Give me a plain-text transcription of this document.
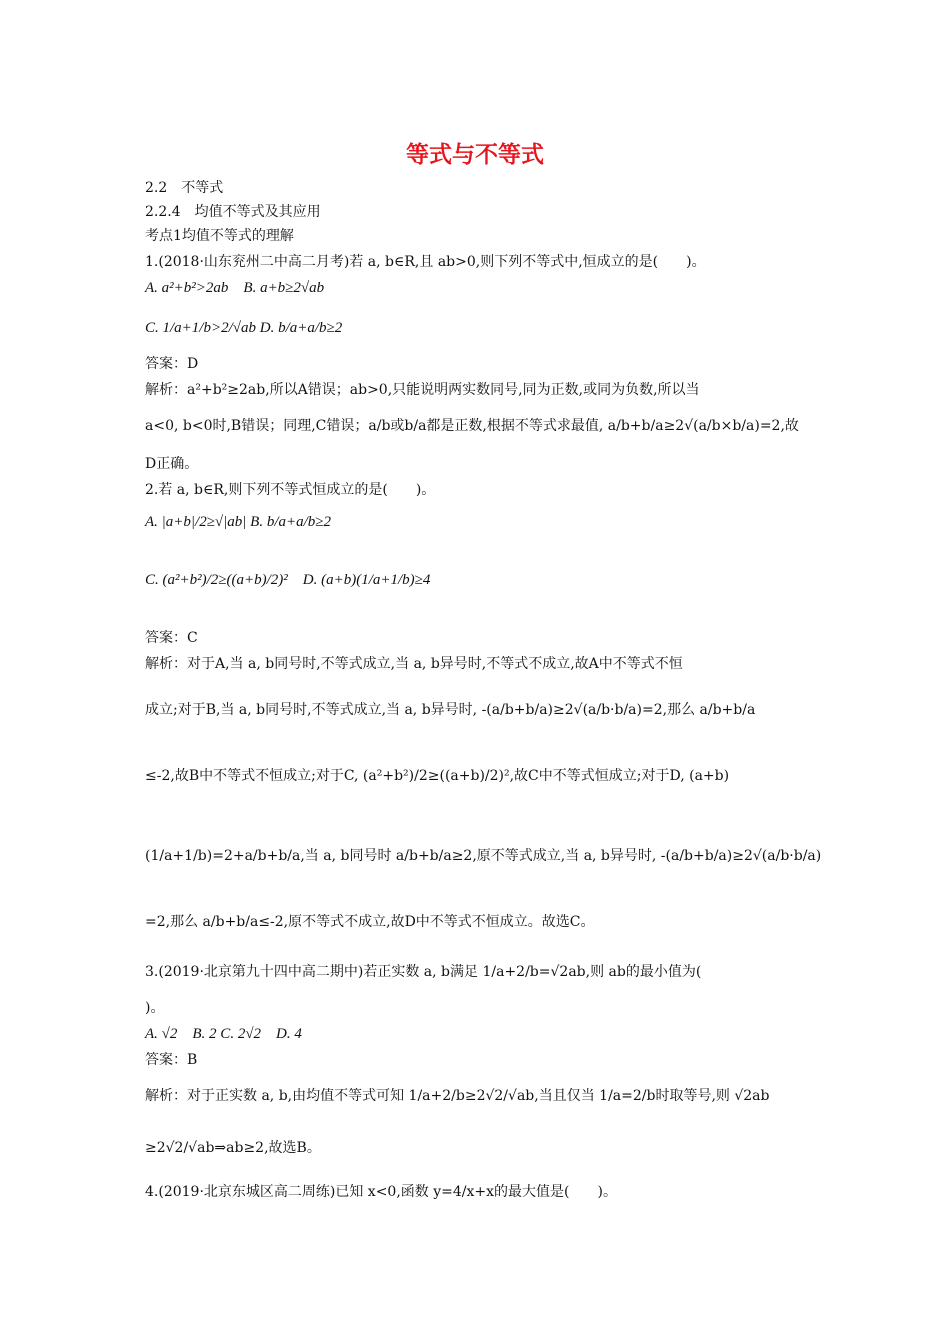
等式与不等式
2.2　不等式
2.2.4　均值不等式及其应用
考点1均值不等式的理解
1.(2018·山东兖州二中高二月考)若 a, b∈R,且 ab>0,则下列不等式中,恒成立的是(　　)。
A. a²+b²>2ab　B. a+b≥2√ab
C. 1/a+1/b>2/√ab D. b/a+a/b≥2
答案：D
解析：a²+b²≥2ab,所以A错误；ab>0,只能说明两实数同号,同为正数,或同为负数,所以当
a<0, b<0时,B错误；同理,C错误；a/b或b/a都是正数,根据不等式求最值, a/b+b/a≥2√(a/b×b/a)=2,故
D正确。
2.若 a, b∈R,则下列不等式恒成立的是(　　)。
A. |a+b|/2≥√|ab| B. b/a+a/b≥2
C. (a²+b²)/2≥((a+b)/2)²　D. (a+b)(1/a+1/b)≥4
答案：C
解析：对于A,当 a, b同号时,不等式成立,当 a, b异号时,不等式不成立,故A中不等式不恒
成立;对于B,当 a, b同号时,不等式成立,当 a, b异号时, -(a/b+b/a)≥2√(a/b·b/a)=2,那么 a/b+b/a
≤-2,故B中不等式不恒成立;对于C, (a²+b²)/2≥((a+b)/2)²,故C中不等式恒成立;对于D, (a+b)
(1/a+1/b)=2+a/b+b/a,当 a, b同号时 a/b+b/a≥2,原不等式成立,当 a, b异号时, -(a/b+b/a)≥2√(a/b·b/a)
=2,那么 a/b+b/a≤-2,原不等式不成立,故D中不等式不恒成立。故选C。
3.(2019·北京第九十四中高二期中)若正实数 a, b满足 1/a+2/b=√2ab,则 ab的最小值为(
)。
A. √2　B. 2 C. 2√2　D. 4
答案：B
解析：对于正实数 a, b,由均值不等式可知 1/a+2/b≥2√2/√ab,当且仅当 1/a=2/b时取等号,则 √2ab
≥2√2/√ab⇒ab≥2,故选B。
4.(2019·北京东城区高二周练)已知 x<0,函数 y=4/x+x的最大值是(　　)。
